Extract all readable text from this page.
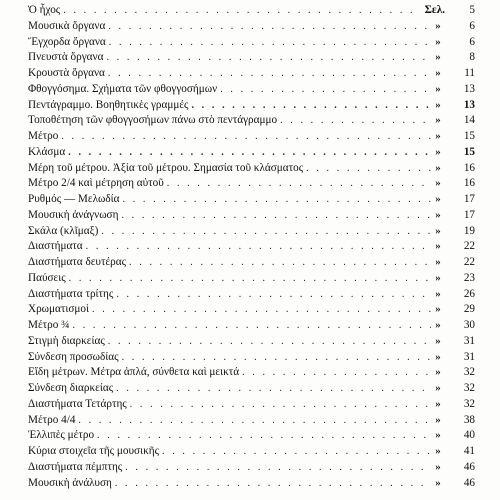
Ὁ ἦχος . . .	Σελ.	5
Μουσικὰ ὄργανα . . .	»	6
Ἔγχορδα ὄργανα . . .	»	6
Πνευστὰ ὄργανα . . .	»	8
Κρουστὰ ὄργανα . . .	»	11
Φθογγόσημα. Σχήματα τῶν φθογγοσήμων . . .	»	13
Πεντάγραμμο. Βοηθητικὲς γραμμές . . .	»	13
Τοποθέτηση τῶν φθογγοσήμων πάνω στὸ πεντάγραμμο . . .	»	14
Μέτρο . . .	»	15
Κλάσμα . . .	»	15
Μέρη τοῦ μέτρου. Ἀξία τοῦ μέτρου. Σημασία τοῦ κλάσματος . . .	»	16
Μέτρο 2/4 καὶ μέτρηση αὐτοῦ . . .	»	16
Ρυθμός — Μελωδία . . .	»	17
Μουσικὴ ἀνάγνωση . . .	»	17
Σκάλα (κλῖμαξ) . . .	»	19
Διαστήματα . . .	»	22
Διαστήματα δευτέρας . . .	»	22
Παύσεις . . .	»	23
Διαστήματα τρίτης . . .	»	26
Χρωματισμοὶ . . .	»	29
Μέτρο ¾ . . .	»	30
Στιγμὴ διαρκείας . . .	»	31
Σύνδεση προσωδίας . . .	»	31
Εἴδη μέτρων. Μέτρα ἁπλά, σύνθετα καὶ μεικτά . . .	»	32
Σύνδεση διαρκείας . . .	»	32
Διαστήματα Τετάρτης . . .	»	32
Μέτρο 4/4 . . .	»	38
Ἐλλιπὲς μέτρο . . .	»	40
Κύρια στοιχεῖα τῆς μουσικῆς . . .	»	41
Διαστήματα πέμπτης . . .	»	46
Μουσικὴ ἀνάλυση . . .	»	46
